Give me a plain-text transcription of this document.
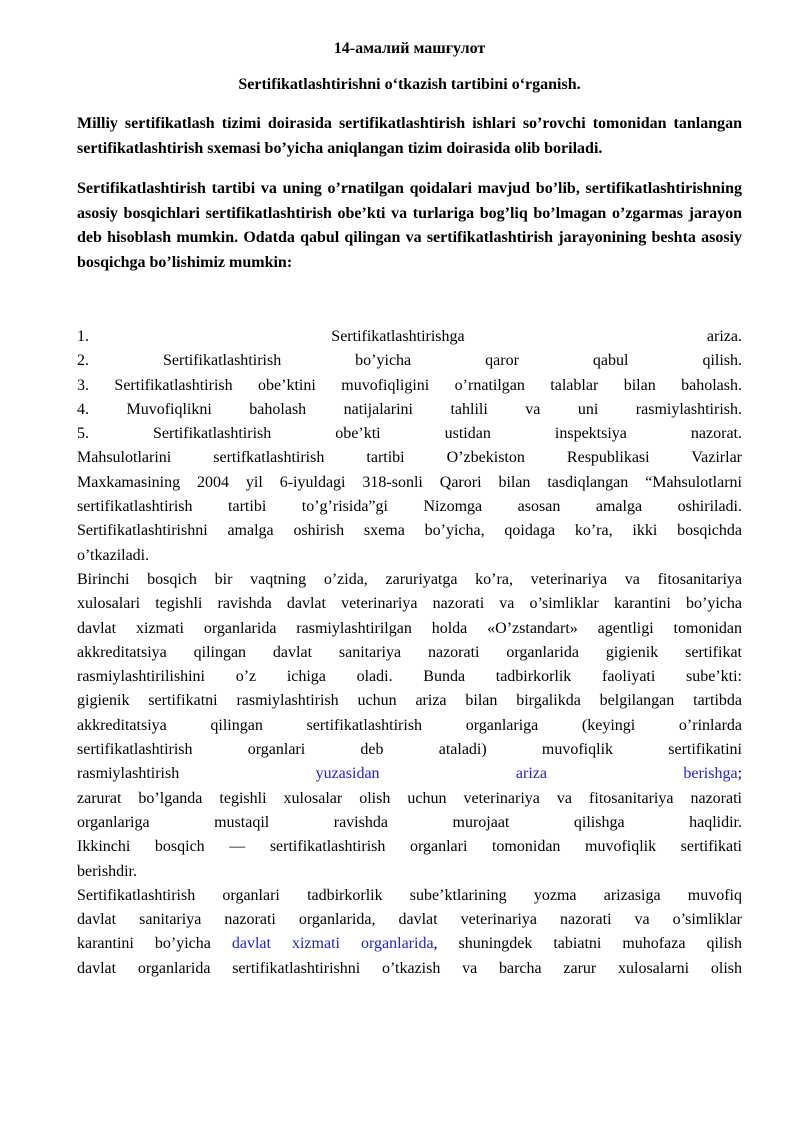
14-амалий машғулот
Sertifikatlashtirishni o‘tkazish tartibini o‘rganish.

Milliy sertifikatlash tizimi doirasida sertifikatlashtirish ishlari so’rovchi tomonidan tanlangan sertifikatlashtirish sxemasi bo’yicha aniqlangan tizim doirasida olib boriladi.

Sertifikatlashtirish tartibi va uning o’rnatilgan qoidalari mavjud bo’lib, sertifikatlashtirishning asosiy bosqichlari sertifikatlashtirish obe’kti va turlariga bog’liq bo’lmagan o’zgarmas jarayon deb hisoblash mumkin. Odatda qabul qilingan va sertifikatlashtirish jarayonining beshta asosiy bosqichga bo’lishimiz mumkin:

1. Sertifikatlashtirishga ariza.
2. Sertifikatlashtirish bo’yicha qaror qabul qilish.
3. Sertifikatlashtirish obe’ktini muvofiqligini o’rnatilgan talablar bilan baholash.
4. Muvofiqlikni baholash natijalarini tahlili va uni rasmiylashtirish.
5. Sertifikatlashtirish obe’kti ustidan inspektsiya nazorat.
Mahsulotlarini sertifkatlashtirish tartibi O’zbekiston Respublikasi Vazirlar
Maxkamasining 2004 yil 6-iyuldagi 318-sonli Qarori bilan tasdiqlangan “Mahsulotlarni
sertifikatlashtirish tartibi to’g’risida”gi Nizomga asosan amalga oshiriladi.
Sertifikatlashtirishni amalga oshirish sxema bo’yicha, qoidaga ko’ra, ikki bosqichda
o’tkaziladi.
Birinchi bosqich bir vaqtning o’zida, zaruriyatga ko’ra, veterinariya va fitosanitariya
xulosalari tegishli ravishda davlat veterinariya nazorati va o’simliklar karantini bo’yicha
davlat xizmati organlarida rasmiylashtirilgan holda «O’zstandart» agentligi tomonidan
akkreditatsiya qilingan davlat sanitariya nazorati organlarida gigienik sertifikat
rasmiylashtirilishini o’z ichiga oladi. Bunda tadbirkorlik faoliyati sube’kti:
gigienik sertifikatni rasmiylashtirish uchun ariza bilan birgalikda belgilangan tartibda
akkreditatsiya qilingan sertifikatlashtirish organlariga (keyingi o’rinlarda
sertifikatlashtirish organlari deb ataladi) muvofiqlik sertifikatini
rasmiylashtirish yuzasidan	ariza	berishga;
zarurat bo’lganda tegishli xulosalar olish uchun veterinariya va fitosanitariya nazorati
organlariga mustaqil ravishda murojaat qilishga haqlidir.
Ikkinchi bosqich — sertifikatlashtirish organlari tomonidan muvofiqlik sertifikati
berishdir.
Sertifikatlashtirish organlari tadbirkorlik sube’ktlarining yozma arizasiga muvofiq
davlat sanitariya nazorati organlarida, davlat veterinariya nazorati va o’simliklar
karantini bo’yicha davlat xizmati organlarida, shuningdek tabiatni muhofaza qilish
davlat organlarida sertifikatlashtirishni o’tkazish va barcha zarur xulosalarni olish
